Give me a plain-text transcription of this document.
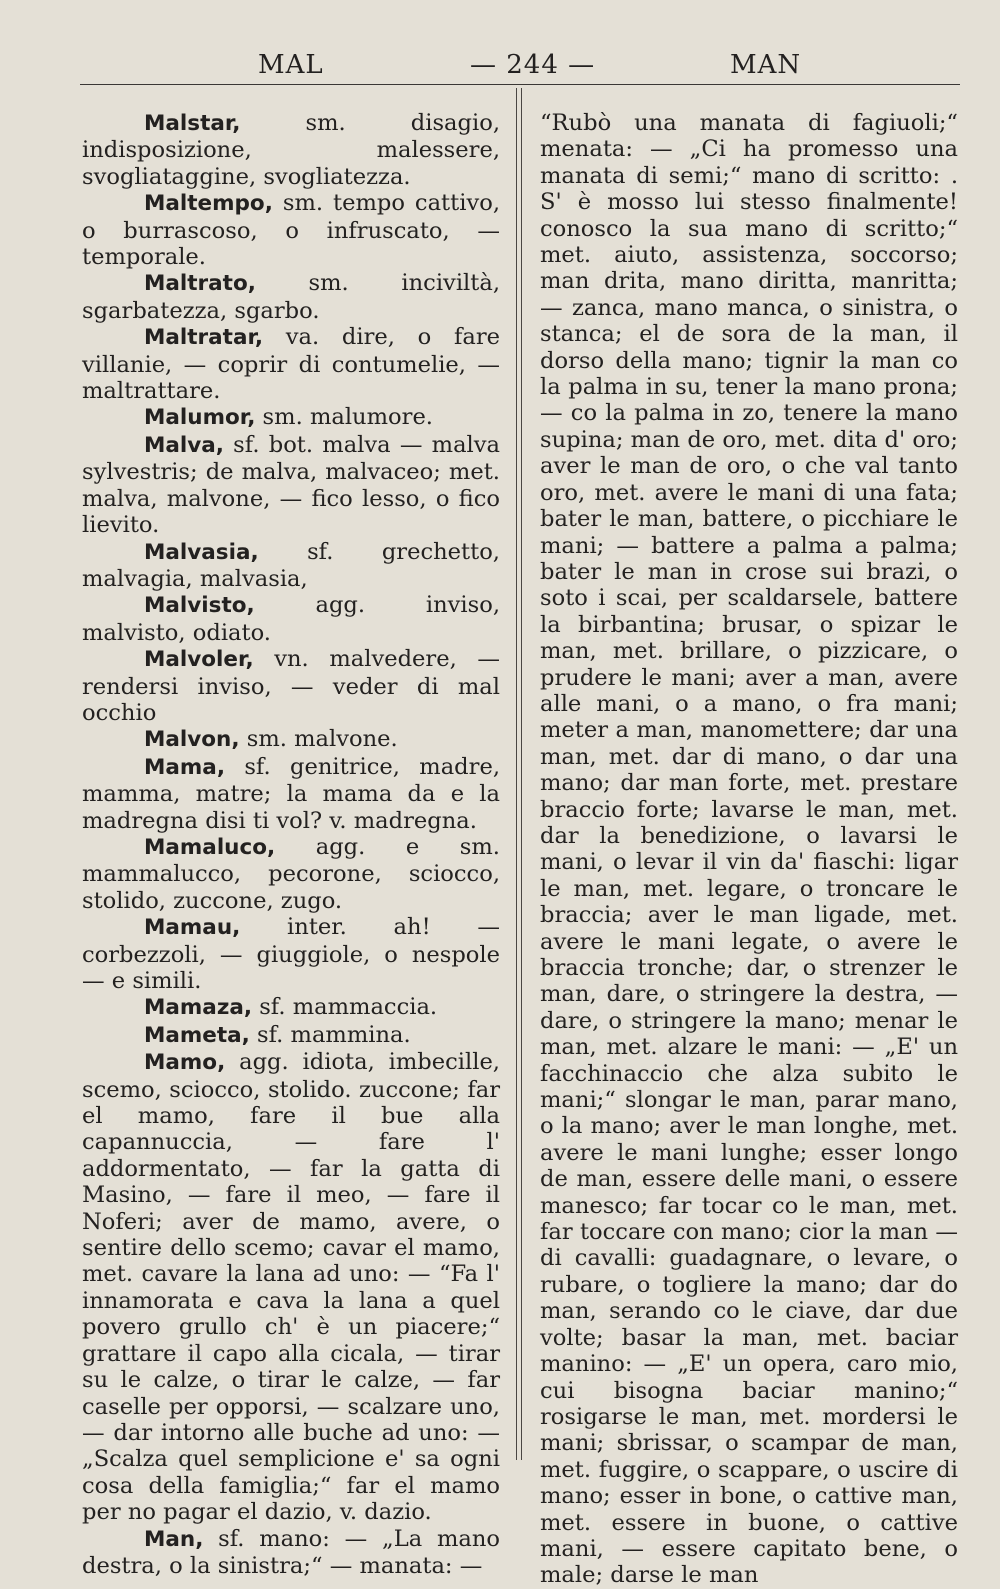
MAL	— 244 —	MAN

Malstar, sm. disagio, indisposizione, malessere, svogliataggine, svogliatezza.

Maltempo, sm. tempo cattivo, o burrascoso, o infruscato, — temporale.

Maltrato, sm. inciviltà, sgarbatezza, sgarbo.

Maltratar, va. dire, o fare villanie, — coprir di contumelie, — maltrattare.

Malumor, sm. malumore.

Malva, sf. bot. malva — malva sylvestris; de malva, malvaceo; met. malva, malvone, — fico lesso, o fico lievito.

Malvasia, sf. grechetto, malvagia, malvasia,

Malvisto, agg. inviso, malvisto, odiato.

Malvoler, vn. malvedere, — rendersi inviso, — veder di mal occhio

Malvon, sm. malvone.

Mama, sf. genitrice, madre, mamma, matre; la mama da e la madregna disi ti vol? v. madregna.

Mamaluco, agg. e sm. mammalucco, pecorone, sciocco, stolido, zuccone, zugo.

Mamau, inter. ah! — corbezzoli, — giuggiole, o nespole — e simili.

Mamaza, sf. mammaccia.

Mameta, sf. mammina.

Mamo, agg. idiota, imbecille, scemo, sciocco, stolido. zuccone; far el mamo, fare il bue alla capannuccia, — fare l' addormentato, — far la gatta di Masino, — fare il meo, — fare il Noferi; aver de mamo, avere, o sentire dello scemo; cavar el mamo, met. cavare la lana ad uno: — “Fa l' innamorata e cava la lana a quel povero grullo ch' è un piacere;“ grattare il capo alla cicala, — tirar su le calze, o tirar le calze, — far caselle per opporsi, — scalzare uno, — dar intorno alle buche ad uno: — „Scalza quel semplicione e' sa ogni cosa della famiglia;“ far el mamo per no pagar el dazio, v. dazio.

Man, sf. mano: — „La mano destra, o la sinistra;“ — manata: —

“Rubò una manata di fagiuoli;“ menata: — „Ci ha promesso una manata di semi;“ mano di scritto: . S' è mosso lui stesso finalmente! conosco la sua mano di scritto;“ met. aiuto, assistenza, soccorso; man drita, mano diritta, manritta; — zanca, mano manca, o sinistra, o stanca; el de sora de la man, il dorso della mano; tignir la man co la palma in su, tener la mano prona; — co la palma in zo, tenere la mano supina; man de oro, met. dita d' oro; aver le man de oro, o che val tanto oro, met. avere le mani di una fata; bater le man, battere, o picchiare le mani; — battere a palma a palma; bater le man in crose sui brazi, o soto i scai, per scaldarsele, battere la birbantina; brusar, o spizar le man, met. brillare, o pizzicare, o prudere le mani; aver a man, avere alle mani, o a mano, o fra mani; meter a man, manomettere; dar una man, met. dar di mano, o dar una mano; dar man forte, met. prestare braccio forte; lavarse le man, met. dar la benedizione, o lavarsi le mani, o levar il vin da' fiaschi: ligar le man, met. legare, o troncare le braccia; aver le man ligade, met. avere le mani legate, o avere le braccia tronche; dar, o strenzer le man, dare, o stringere la destra, — dare, o stringere la mano; menar le man, met. alzare le mani: — „E' un facchinaccio che alza subito le mani;“ slongar le man, parar mano, o la mano; aver le man longhe, met. avere le mani lunghe; esser longo de man, essere delle mani, o essere manesco; far tocar co le man, met. far toccare con mano; cior la man — di cavalli: guadagnare, o levare, o rubare, o togliere la mano; dar do man, serando co le ciave, dar due volte; basar la man, met. baciar manino: — „E' un opera, caro mio, cui bisogna baciar manino;“ rosigarse le man, met. mordersi le mani; sbrissar, o scampar de man, met. fuggire, o scappare, o uscire di mano; esser in bone, o cattive man, met. essere in buone, o cattive mani, — essere capitato bene, o male; darse le man
